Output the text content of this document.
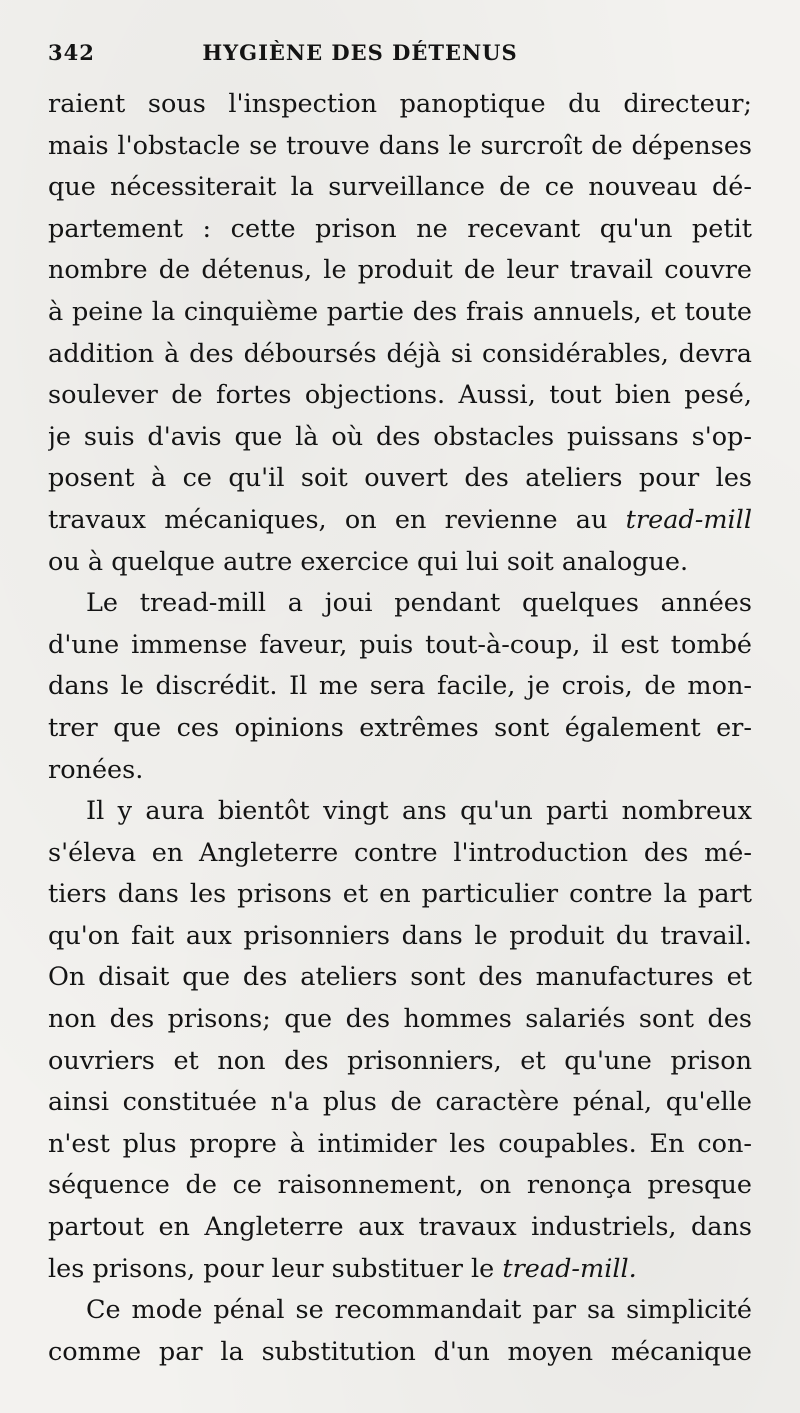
342	HYGIÈNE DES DÉTENUS
raient sous l'inspection panoptique du directeur;
mais l'obstacle se trouve dans le surcroît de dépenses
que nécessiterait la surveillance de ce nouveau dé-
partement : cette prison ne recevant qu'un petit
nombre de détenus, le produit de leur travail couvre
à peine la cinquième partie des frais annuels, et toute
addition à des déboursés déjà si considérables, devra
soulever de fortes objections. Aussi, tout bien pesé,
je suis d'avis que là où des obstacles puissans s'op-
posent à ce qu'il soit ouvert des ateliers pour les
travaux mécaniques, on en revienne au tread-mill
ou à quelque autre exercice qui lui soit analogue.
Le tread-mill a joui pendant quelques années
d'une immense faveur, puis tout-à-coup, il est tombé
dans le discrédit. Il me sera facile, je crois, de mon-
trer que ces opinions extrêmes sont également er-
ronées.
Il y aura bientôt vingt ans qu'un parti nombreux
s'éleva en Angleterre contre l'introduction des mé-
tiers dans les prisons et en particulier contre la part
qu'on fait aux prisonniers dans le produit du travail.
On disait que des ateliers sont des manufactures et
non des prisons; que des hommes salariés sont des
ouvriers et non des prisonniers, et qu'une prison
ainsi constituée n'a plus de caractère pénal, qu'elle
n'est plus propre à intimider les coupables. En con-
séquence de ce raisonnement, on renonça presque
partout en Angleterre aux travaux industriels, dans
les prisons, pour leur substituer le tread-mill.
Ce mode pénal se recommandait par sa simplicité
comme par la substitution d'un moyen mécanique
